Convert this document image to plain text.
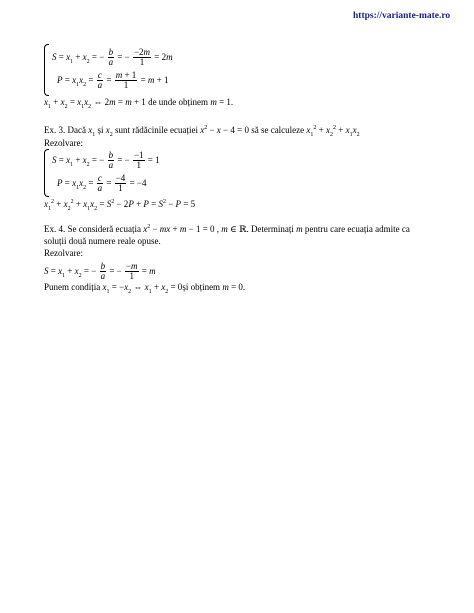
https://variante-mate.ro
$S = x_1 + x_2$ = − $\frac{b}{a}$ = − $\frac{-2m}{1} = 2m$
$P = x_1x_2 = \frac{c}{a} = \frac{m + 1}{1} = m + 1$
$x_1 + x_2 = x_1x_2$ ⇔ 2m = m + 1 de unde obținem m = 1.
Ex. 3. Dacă $x_1$ și $x_2$ sunt rădăcinile ecuației $x^2 - x - 4 = 0$ să se calculeze $x_1^2 + x_2^2 + x_1x_2$
Rezolvare:
$S = x_1 + x_2$ = − $\frac{b}{a}$ = − $\frac{-1}{1} = 1$
$P = x_1x_2 = \frac{c}{a} = \frac{-4}{1} = -4$
$x_1^2 + x_2^2 + x_1x_2 = S^2 - 2P + P = S^2 - P = 5$
Ex. 4. Se consideră ecuația $x^2$ − mx + m − 1 = 0 , m ∈ ℝ. Determinați m pentru care ecuația admite ca
soluții două numere reale opuse.
Rezolvare:
$S = x_1 + x_2$ = − $\frac{b}{a}$ = − $\frac{-m}{1} = m$
Punem condiția $x_1 = -x_2$ ⇔ $x_1 + x_2$ = 0și obținem m = 0.
